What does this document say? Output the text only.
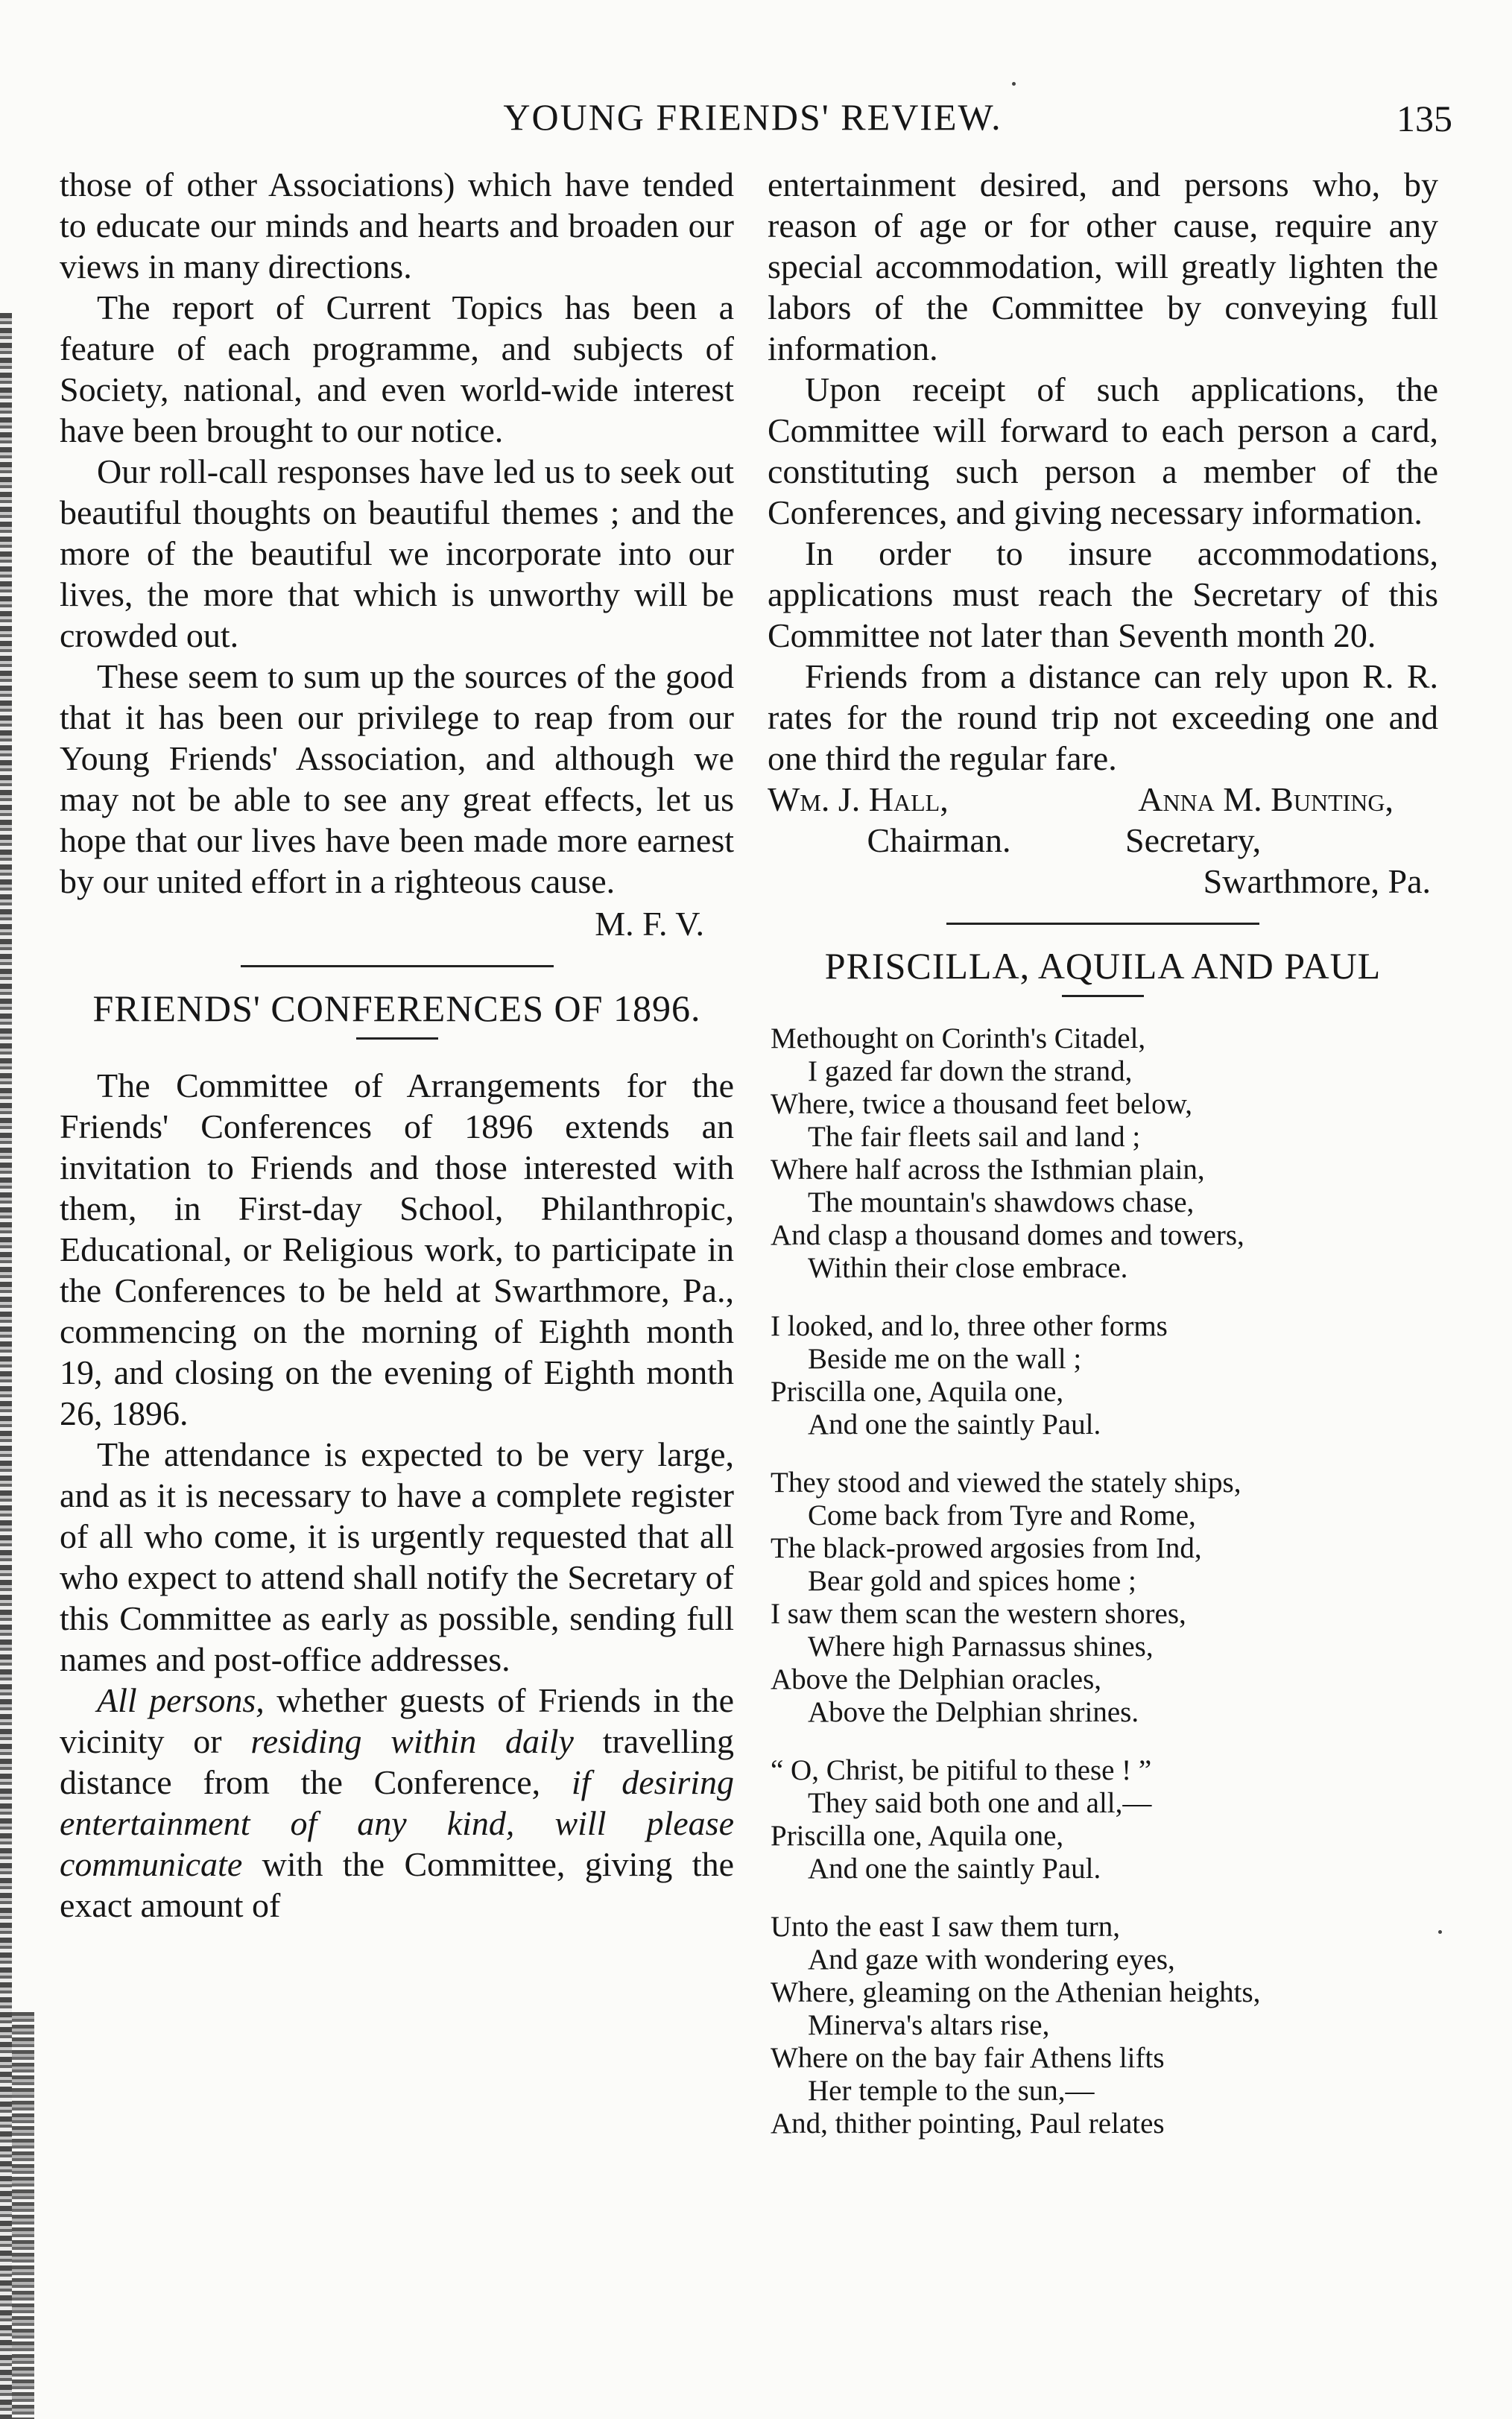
YOUNG FRIENDS' REVIEW.	135

those of other Associations) which have tended to educate our minds and hearts and broaden our views in many directions.

The report of Current Topics has been a feature of each programme, and subjects of Society, national, and even world-wide interest have been brought to our notice.

Our roll-call responses have led us to seek out beautiful thoughts on beautiful themes ; and the more of the beautiful we incorporate into our lives, the more that which is unworthy will be crowded out.

These seem to sum up the sources of the good that it has been our privilege to reap from our Young Friends' Association, and although we may not be able to see any great effects, let us hope that our lives have been made more earnest by our united effort in a righteous cause.

M. F. V.
FRIENDS' CONFERENCES OF 1896.

The Committee of Arrangements for the Friends' Conferences of 1896 extends an invitation to Friends and those interested with them, in First-day School, Philanthropic, Educational, or Religious work, to participate in the Conferences to be held at Swarthmore, Pa., commencing on the morning of Eighth month 19, and closing on the evening of Eighth month 26, 1896.

The attendance is expected to be very large, and as it is necessary to have a complete register of all who come, it is urgently requested that all who expect to attend shall notify the Secretary of this Committee as early as possible, sending full names and post-office addresses.

All persons, whether guests of Friends in the vicinity or residing within daily travelling distance from the Conference, if desiring entertainment of any kind, will please communicate with the Committee, giving the exact amount of

entertainment desired, and persons who, by reason of age or for other cause, require any special accommodation, will greatly lighten the labors of the Committee by conveying full information.

Upon receipt of such applications, the Committee will forward to each person a card, constituting such person a member of the Conferences, and giving necessary information.

In order to insure accommodations, applications must reach the Secretary of this Committee not later than Seventh month 20.

Friends from a distance can rely upon R. R. rates for the round trip not exceeding one and one third the regular fare.

Wm. J. Hall,	Anna M. Bunting,
Chairman.	Secretary,
Swarthmore, Pa.
PRISCILLA, AQUILA AND PAUL
Methought on Corinth's Citadel,
I gazed far down the strand,
Where, twice a thousand feet below,
The fair fleets sail and land ;
Where half across the Isthmian plain,
The mountain's shawdows chase,
And clasp a thousand domes and towers,
Within their close embrace.
I looked, and lo, three other forms
Beside me on the wall ;
Priscilla one, Aquila one,
And one the saintly Paul.
They stood and viewed the stately ships,
Come back from Tyre and Rome,
The black-prowed argosies from Ind,
Bear gold and spices home ;
I saw them scan the western shores,
Where high Parnassus shines,
Above the Delphian oracles,
Above the Delphian shrines.
“ O, Christ, be pitiful to these ! ”
They said both one and all,—
Priscilla one, Aquila one,
And one the saintly Paul.
Unto the east I saw them turn,
And gaze with wondering eyes,
Where, gleaming on the Athenian heights,
Minerva's altars rise,
Where on the bay fair Athens lifts
Her temple to the sun,—
And, thither pointing, Paul relates
